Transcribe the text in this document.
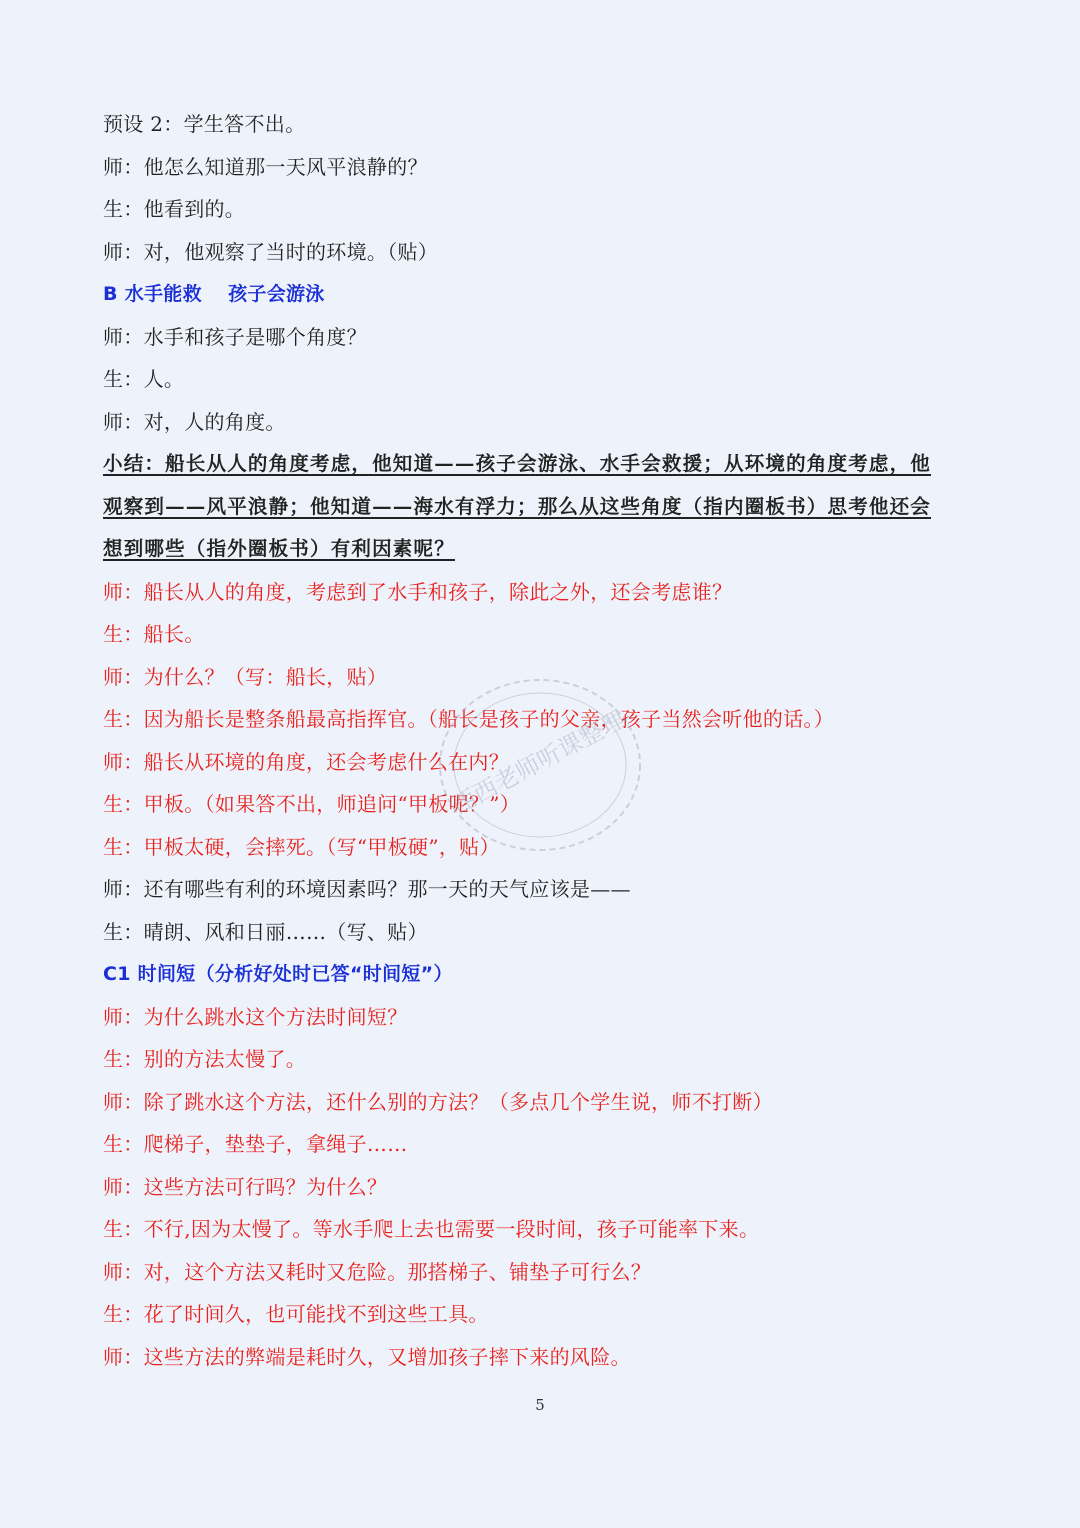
预设 2：学生答不出。
师：他怎么知道那一天风平浪静的？
生：他看到的。
师：对，他观察了当时的环境。（贴）
B 水手能救　 孩子会游泳
师：水手和孩子是哪个角度？
生：人。
师：对，人的角度。
小结：船长从人的角度考虑，他知道——孩子会游泳、水手会救援；从环境的角度考虑，他
观察到——风平浪静；他知道——海水有浮力；那么从这些角度（指内圈板书）思考他还会
想到哪些（指外圈板书）有利因素呢？
师：船长从人的角度，考虑到了水手和孩子，除此之外，还会考虑谁？
生：船长。
师：为什么？（写：船长，贴）
生：因为船长是整条船最高指挥官。（船长是孩子的父亲，孩子当然会听他的话。）
师：船长从环境的角度，还会考虑什么在内？
生：甲板。（如果答不出，师追问“甲板呢？”）
生：甲板太硬，会摔死。（写“甲板硬”，贴）
师：还有哪些有利的环境因素吗？那一天的天气应该是——
生：晴朗、风和日丽……（写、贴）
C1 时间短（分析好处时已答“时间短”）
师：为什么跳水这个方法时间短？
生：别的方法太慢了。
师：除了跳水这个方法，还什么别的方法？（多点几个学生说，师不打断）
生：爬梯子，垫垫子，拿绳子……
师：这些方法可行吗？为什么？
生：不行,因为太慢了。等水手爬上去也需要一段时间，孩子可能率下来。
师：对，这个方法又耗时又危险。那搭梯子、铺垫子可行么？
生：花了时间久，也可能找不到这些工具。
师：这些方法的弊端是耗时久，又增加孩子摔下来的风险。
西西老师听课整理
5
